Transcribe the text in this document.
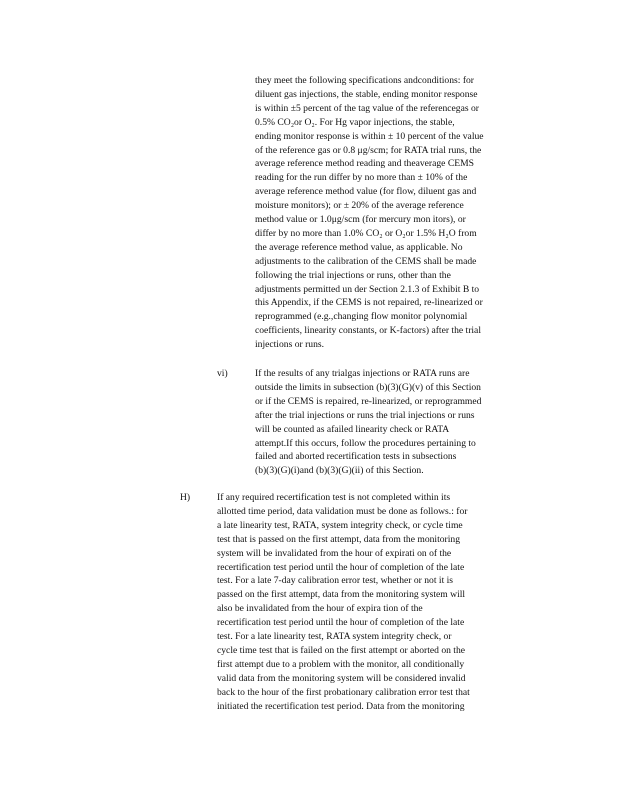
they meet the following specifications andconditions: for
diluent gas injections, the stable, ending monitor response
is within ±5 percent of the tag value of the referencegas or
0.5% CO₂or O₂. For Hg vapor injections, the stable,
ending monitor response is within ± 10 percent of the value
of the reference gas or 0.8 μg/scm; for RATA trial runs, the
average reference method reading and theaverage CEMS
reading for the run differ by no more than ± 10% of the
average reference method value (for flow, diluent gas and
moisture monitors); or ± 20% of the average reference
method value or 1.0μg/scm (for mercury mon itors), or
differ by no more than 1.0% CO₂ or O₂or 1.5% H₂O from
the average reference method value, as applicable. No
adjustments to the calibration of the CEMS shall be made
following the trial injections or runs, other than the
adjustments permitted un der Section 2.1.3 of Exhibit B to
this Appendix, if the CEMS is not repaired, re-linearized or
reprogrammed (e.g.,changing flow monitor polynomial
coefficients, linearity constants, or K-factors) after the trial
injections or runs.
vi)	If the results of any trialgas injections or RATA runs are
outside the limits in subsection (b)(3)(G)(v) of this Section
or if the CEMS is repaired, re-linearized, or reprogrammed
after the trial injections or runs the trial injections or runs
will be counted as afailed linearity check or RATA
attempt.If this occurs, follow the procedures pertaining to
failed and aborted recertification tests in subsections
(b)(3)(G)(i)and (b)(3)(G)(ii) of this Section.
H)	If any required recertification test is not completed within its
allotted time period, data validation must be done as follows.: for
a late linearity test, RATA, system integrity check, or cycle time
test that is passed on the first attempt, data from the monitoring
system will be invalidated from the hour of expirati on of the
recertification test period until the hour of completion of the late
test. For a late 7-day calibration error test, whether or not it is
passed on the first attempt, data from the monitoring system will
also be invalidated from the hour of expira tion of the
recertification test period until the hour of completion of the late
test. For a late linearity test, RATA system integrity check, or
cycle time test that is failed on the first attempt or aborted on the
first attempt due to a problem with the monitor, all conditionally
valid data from the monitoring system will be considered invalid
back to the hour of the first probationary calibration error test that
initiated the recertification test period. Data from the monitoring
